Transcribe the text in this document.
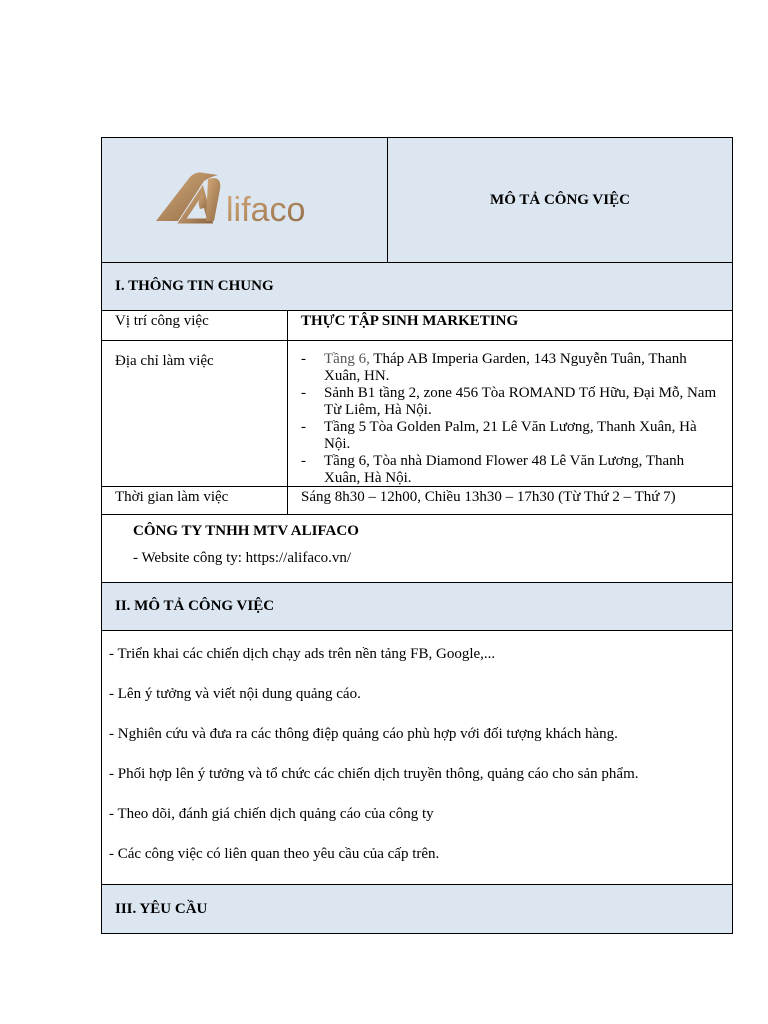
lifaco	MÔ TẢ CÔNG VIỆC
I. THÔNG TIN CHUNG
Vị trí công việc	THỰC TẬP SINH MARKETING
Địa chỉ làm việc
-	Tầng 6, Tháp AB Imperia Garden, 143 Nguyễn Tuân, Thanh Xuân, HN.
- Sảnh B1 tầng 2, zone 456 Tòa ROMAND Tố Hữu, Đại Mỗ, Nam Từ Liêm, Hà Nội.
- Tầng 5 Tòa Golden Palm, 21 Lê Văn Lương, Thanh Xuân, Hà Nội.
- Tầng 6, Tòa nhà Diamond Flower 48 Lê Văn Lương, Thanh Xuân, Hà Nội.
Thời gian làm việc	Sáng 8h30 – 12h00, Chiều 13h30 – 17h30 (Từ Thứ 2 – Thứ 7)
CÔNG TY TNHH MTV ALIFACO
- Website công ty: https://alifaco.vn/
II. MÔ TẢ CÔNG VIỆC

- Triển khai các chiến dịch chạy ads trên nền tảng FB, Google,...

- Lên ý tưởng và viết nội dung quảng cáo.

- Nghiên cứu và đưa ra các thông điệp quảng cáo phù hợp với đối tượng khách hàng.

- Phối hợp lên ý tưởng và tổ chức các chiến dịch truyền thông, quảng cáo cho sản phẩm.

- Theo dõi, đánh giá chiến dịch quảng cáo của công ty

- Các công việc có liên quan theo yêu cầu của cấp trên.

III. YÊU CẦU
